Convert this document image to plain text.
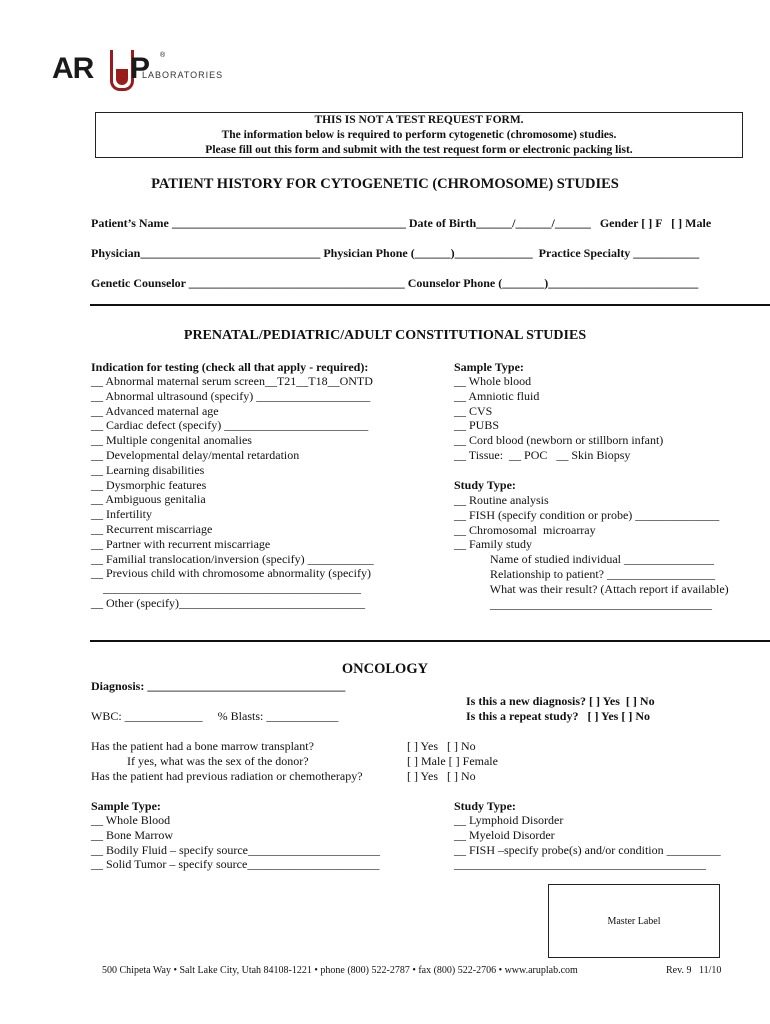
AR P ®
LABORATORIES
THIS IS NOT A TEST REQUEST FORM.
The information below is required to perform cytogenetic (chromosome) studies.
Please fill out this form and submit with the test request form or electronic packing list.
PATIENT HISTORY FOR CYTOGENETIC (CHROMOSOME) STUDIES
Patient’s Name _______________________________________ Date of Birth______/______/______   Gender [ ] F   [ ] Male
Physician______________________________ Physician Phone (______)_____________  Practice Specialty ___________
Genetic Counselor ____________________________________ Counselor Phone (_______)_________________________
PRENATAL/PEDIATRIC/ADULT CONSTITUTIONAL STUDIES
Indication for testing (check all that apply - required):
__ Abnormal maternal serum screen__T21__T18__ONTD
__ Abnormal ultrasound (specify) ___________________
__ Advanced maternal age
__ Cardiac defect (specify) ________________________
__ Multiple congenital anomalies
__ Developmental delay/mental retardation
__ Learning disabilities
__ Dysmorphic features
__ Ambiguous genitalia
__ Infertility
__ Recurrent miscarriage
__ Partner with recurrent miscarriage
__ Familial translocation/inversion (specify) ___________
__ Previous child with chromosome abnormality (specify)
___________________________________________
__ Other (specify)_______________________________
Sample Type:
__ Whole blood
__ Amniotic fluid
__ CVS
__ PUBS
__ Cord blood (newborn or stillborn infant)
__ Tissue:  __ POC   __ Skin Biopsy
Study Type:
__ Routine analysis
__ FISH (specify condition or probe) ______________
__ Chromosomal  microarray
__ Family study
Name of studied individual _______________
Relationship to patient? __________________
What was their result? (Attach report if available)
_____________________________________
ONCOLOGY
Diagnosis: _________________________________
Is this a new diagnosis? [ ] Yes  [ ] No
Is this a repeat study?   [ ] Yes [ ] No
WBC: _____________     % Blasts: ____________
Has the patient had a bone marrow transplant?
If yes, what was the sex of the donor?
Has the patient had previous radiation or chemotherapy?
[ ] Yes   [ ] No
[ ] Male [ ] Female
[ ] Yes   [ ] No
Sample Type:
__ Whole Blood
__ Bone Marrow
__ Bodily Fluid – specify source______________________
__ Solid Tumor – specify source______________________
Study Type:
__ Lymphoid Disorder
__ Myeloid Disorder
__ FISH –specify probe(s) and/or condition _________
__________________________________________
Master Label
500 Chipeta Way • Salt Lake City, Utah 84108-1221 • phone (800) 522-2787 • fax (800) 522-2706 • www.aruplab.com	Rev. 9   11/10
